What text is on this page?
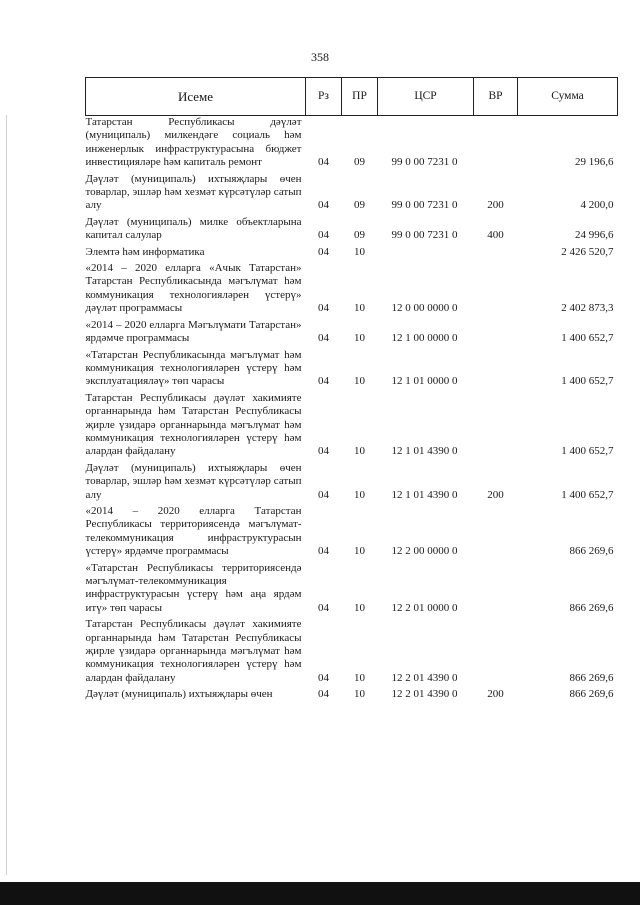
358
Исеме	Рз	ПР	ЦСР	ВР	Сумма
Татарстан Республикасы дәүләт (муниципаль) милкендәге социаль һәм инженерлык инфраструктурасына бюджет инвестицияләре һәм капиталь ремонт	04	09	99 0 00 7231 0		29 196,6
Дәүләт (муниципаль) ихтыяҗлары өчен товарлар, эшләр һәм хезмәт күрсәтүләр сатып алу	04	09	99 0 00 7231 0	200	4 200,0
Дәүләт (муниципаль) милке объектларына капитал салулар	04	09	99 0 00 7231 0	400	24 996,6
Элемтә һәм информатика	04	10			2 426 520,7
«2014 – 2020 елларга «Ачык Татарстан» Татарстан Республикасында мәгълүмат һәм коммуникация технологияләрен үстерү» дәүләт программасы	04	10	12 0 00 0000 0		2 402 873,3
«2014 – 2020 елларга Мәгълүмати Татарстан» ярдәмче программасы	04	10	12 1 00 0000 0		1 400 652,7
«Татарстан Республикасында мәгълүмат һәм коммуникация технологияләрен үстерү һәм эксплуатацияләү» төп чарасы	04	10	12 1 01 0000 0		1 400 652,7
Татарстан Республикасы дәүләт хакимияте органнарында һәм Татарстан Республикасы җирле үзидарә органнарында мәгълүмат һәм коммуникация технологияләрен үстерү һәм алардан файдалану	04	10	12 1 01 4390 0		1 400 652,7
Дәүләт (муниципаль) ихтыяҗлары өчен товарлар, эшләр һәм хезмәт күрсәтүләр сатып алу	04	10	12 1 01 4390 0	200	1 400 652,7
«2014 – 2020 елларга Татарстан Республикасы территориясендә мәгълүмат-телекоммуникация инфраструктурасын үстерү» ярдәмче программасы	04	10	12 2 00 0000 0		866 269,6
«Татарстан Республикасы территориясендә мәгълүмат-телекоммуникация инфраструктурасын үстерү һәм аңа ярдәм итү» төп чарасы	04	10	12 2 01 0000 0		866 269,6
Татарстан Республикасы дәүләт хакимияте органнарында һәм Татарстан Республикасы җирле үзидарә органнарында мәгълүмат һәм коммуникация технологияләрен үстерү һәм алардан файдалану	04	10	12 2 01 4390 0		866 269,6
Дәүләт (муниципаль) ихтыяҗлары өчен	04	10	12 2 01 4390 0	200	866 269,6
